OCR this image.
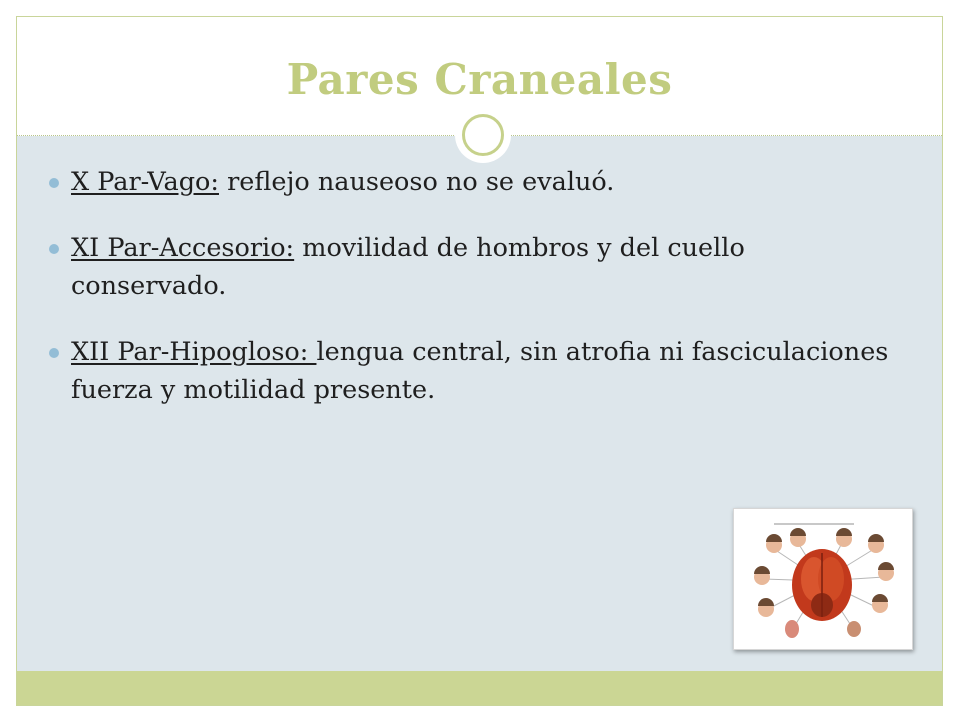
Pares Craneales
X Par-Vago: reflejo nauseoso no se evaluó.
XI Par-Accesorio: movilidad de hombros y del cuello conservado.
XII Par-Hipogloso: lengua central, sin atrofia ni fasciculaciones fuerza y motilidad presente.
